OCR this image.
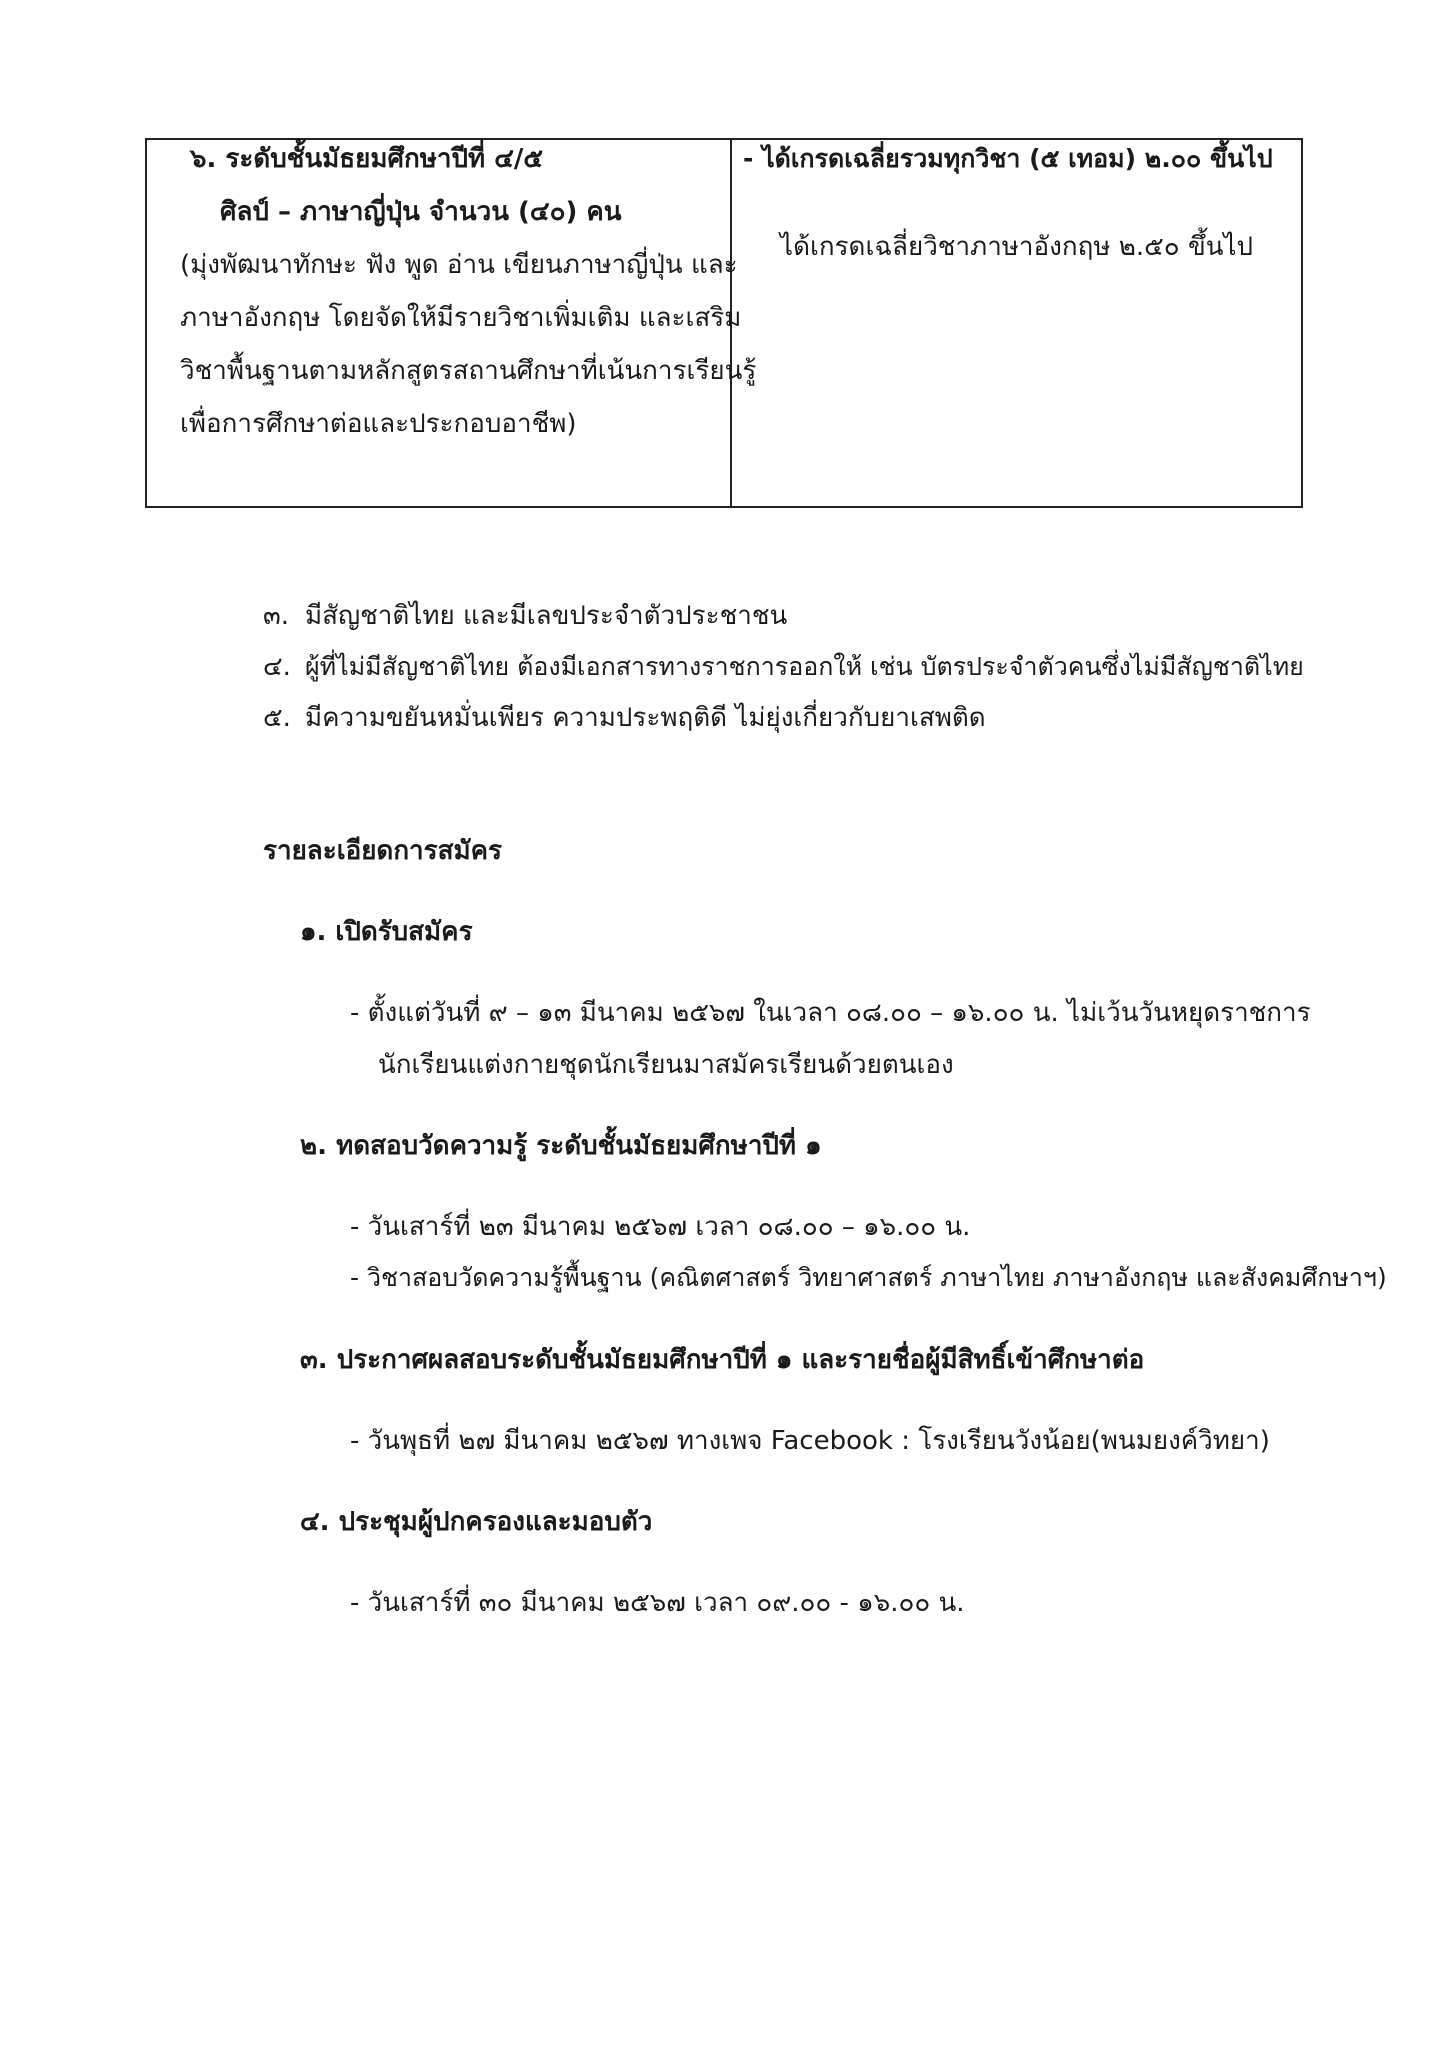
๖. ระดับชั้นมัธยมศึกษาปีที่ ๔/๕
ศิลป์ – ภาษาญี่ปุ่น จำนวน (๔๐) คน
(มุ่งพัฒนาทักษะ ฟัง พูด อ่าน เขียนภาษาญี่ปุ่น และ
ภาษาอังกฤษ โดยจัดให้มีรายวิชาเพิ่มเติม และเสริม
วิชาพื้นฐานตามหลักสูตรสถานศึกษาที่เน้นการเรียนรู้
เพื่อการศึกษาต่อและประกอบอาชีพ)
- ได้เกรดเฉลี่ยรวมทุกวิชา (๕ เทอม) ๒.๐๐ ขึ้นไป
ได้เกรดเฉลี่ยวิชาภาษาอังกฤษ ๒.๕๐ ขึ้นไป
๓. มีสัญชาติไทย และมีเลขประจำตัวประชาชน
๔. ผู้ที่ไม่มีสัญชาติไทย ต้องมีเอกสารทางราชการออกให้ เช่น บัตรประจำตัวคนซึ่งไม่มีสัญชาติไทย
๕. มีความขยันหมั่นเพียร ความประพฤติดี ไม่ยุ่งเกี่ยวกับยาเสพติด
รายละเอียดการสมัคร
๑. เปิดรับสมัคร
- ตั้งแต่วันที่ ๙ – ๑๓ มีนาคม ๒๕๖๗ ในเวลา ๐๘.๐๐ – ๑๖.๐๐ น. ไม่เว้นวันหยุดราชการ
นักเรียนแต่งกายชุดนักเรียนมาสมัครเรียนด้วยตนเอง
๒. ทดสอบวัดความรู้ ระดับชั้นมัธยมศึกษาปีที่ ๑
- วันเสาร์ที่ ๒๓ มีนาคม ๒๕๖๗ เวลา ๐๘.๐๐ – ๑๖.๐๐ น.
- วิชาสอบวัดความรู้พื้นฐาน (คณิตศาสตร์ วิทยาศาสตร์ ภาษาไทย ภาษาอังกฤษ และสังคมศึกษาฯ)
๓. ประกาศผลสอบระดับชั้นมัธยมศึกษาปีที่ ๑ และรายชื่อผู้มีสิทธิ์เข้าศึกษาต่อ
- วันพุธที่ ๒๗ มีนาคม ๒๕๖๗ ทางเพจ Facebook : โรงเรียนวังน้อย(พนมยงค์วิทยา)
๔. ประชุมผู้ปกครองและมอบตัว
- วันเสาร์ที่ ๓๐ มีนาคม ๒๕๖๗ เวลา ๐๙.๐๐ - ๑๖.๐๐ น.
